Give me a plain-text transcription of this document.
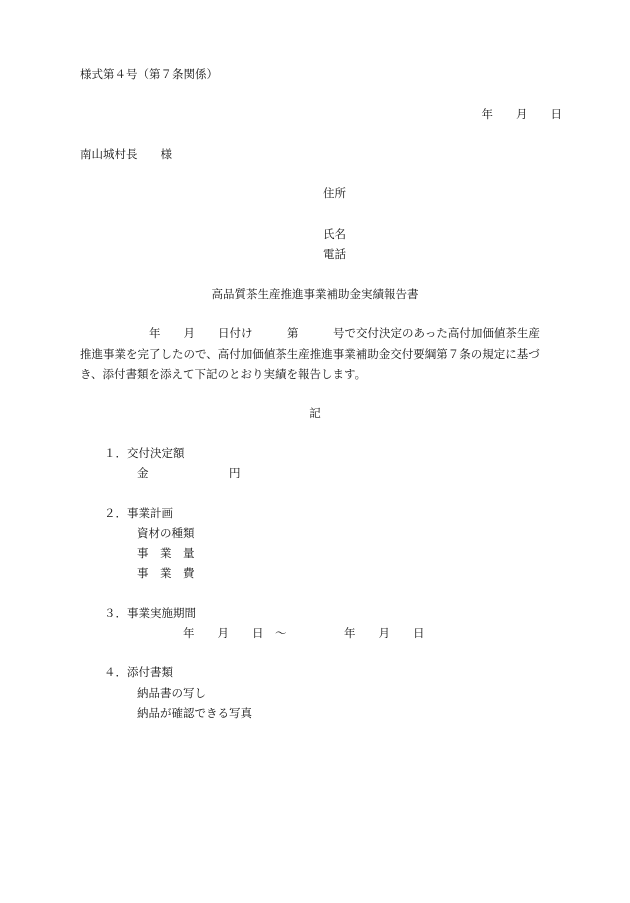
様式第４号（第７条関係）
年　　月　　日
南山城村長　　様
住所
氏名
電話
高品質茶生産推進事業補助金実績報告書
　　　　　　年　　月　　日付け　　　第　　　号で交付決定のあった高付加価値茶生産
推進事業を完了したので、高付加価値茶生産推進事業補助金交付要綱第７条の規定に基づ
き、添付書類を添えて下記のとおり実績を報告します。
記
１．交付決定額
金　　　　　　　円
２．事業計画
資材の種類
事　業　量
事　業　費
３．事業実施期間
年　　月　　日　～　　　　　年　　月　　日
４．添付書類
納品書の写し
納品が確認できる写真
